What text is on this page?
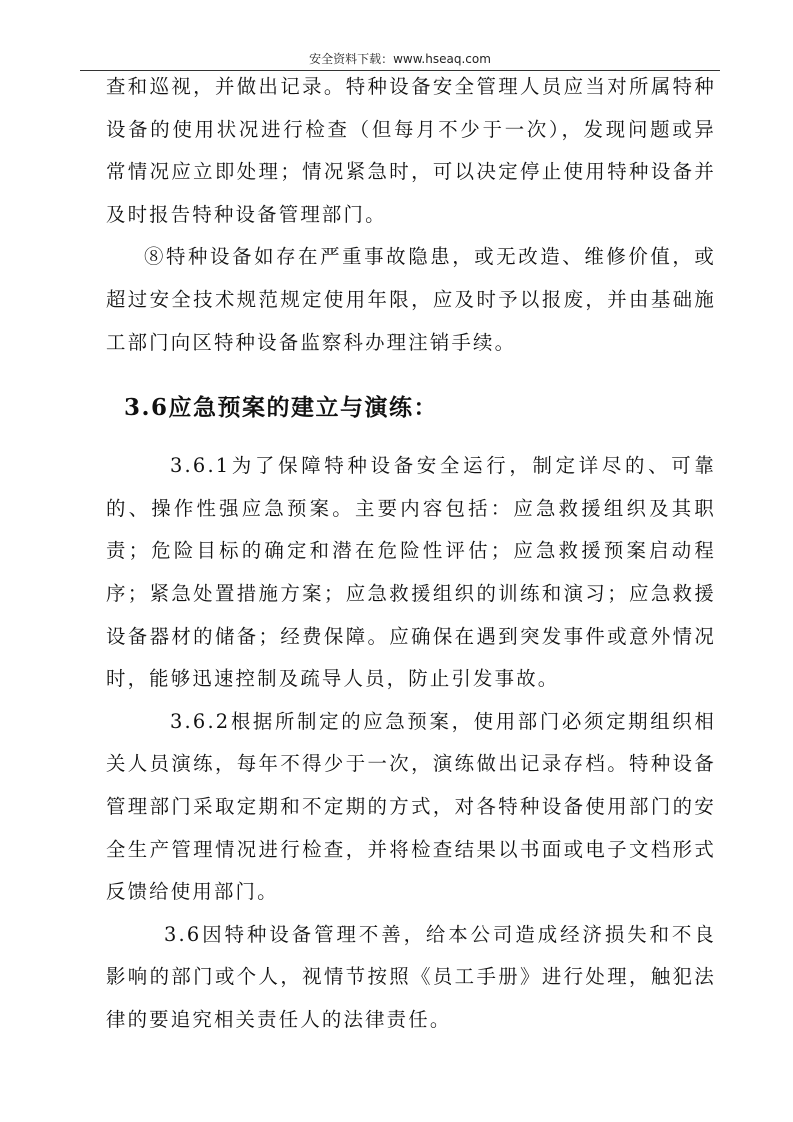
安全资料下载：www.hseaq.com

查和巡视，并做出记录。特种设备安全管理人员应当对所属特种设备的使用状况进行检查（但每月不少于一次），发现问题或异常情况应立即处理；情况紧急时，可以决定停止使用特种设备并及时报告特种设备管理部门。

⑧特种设备如存在严重事故隐患，或无改造、维修价值，或超过安全技术规范规定使用年限，应及时予以报废，并由基础施工部门向区特种设备监察科办理注销手续。

3.6应急预案的建立与演练：

3.6.1为了保障特种设备安全运行，制定详尽的、可靠的、操作性强应急预案。主要内容包括：应急救援组织及其职责；危险目标的确定和潜在危险性评估；应急救援预案启动程序；紧急处置措施方案；应急救援组织的训练和演习；应急救援设备器材的储备；经费保障。应确保在遇到突发事件或意外情况时，能够迅速控制及疏导人员，防止引发事故。

3.6.2根据所制定的应急预案，使用部门必须定期组织相关人员演练，每年不得少于一次，演练做出记录存档。特种设备管理部门采取定期和不定期的方式，对各特种设备使用部门的安全生产管理情况进行检查，并将检查结果以书面或电子文档形式反馈给使用部门。

3.6因特种设备管理不善，给本公司造成经济损失和不良影响的部门或个人，视情节按照《员工手册》进行处理，触犯法律的要追究相关责任人的法律责任。
